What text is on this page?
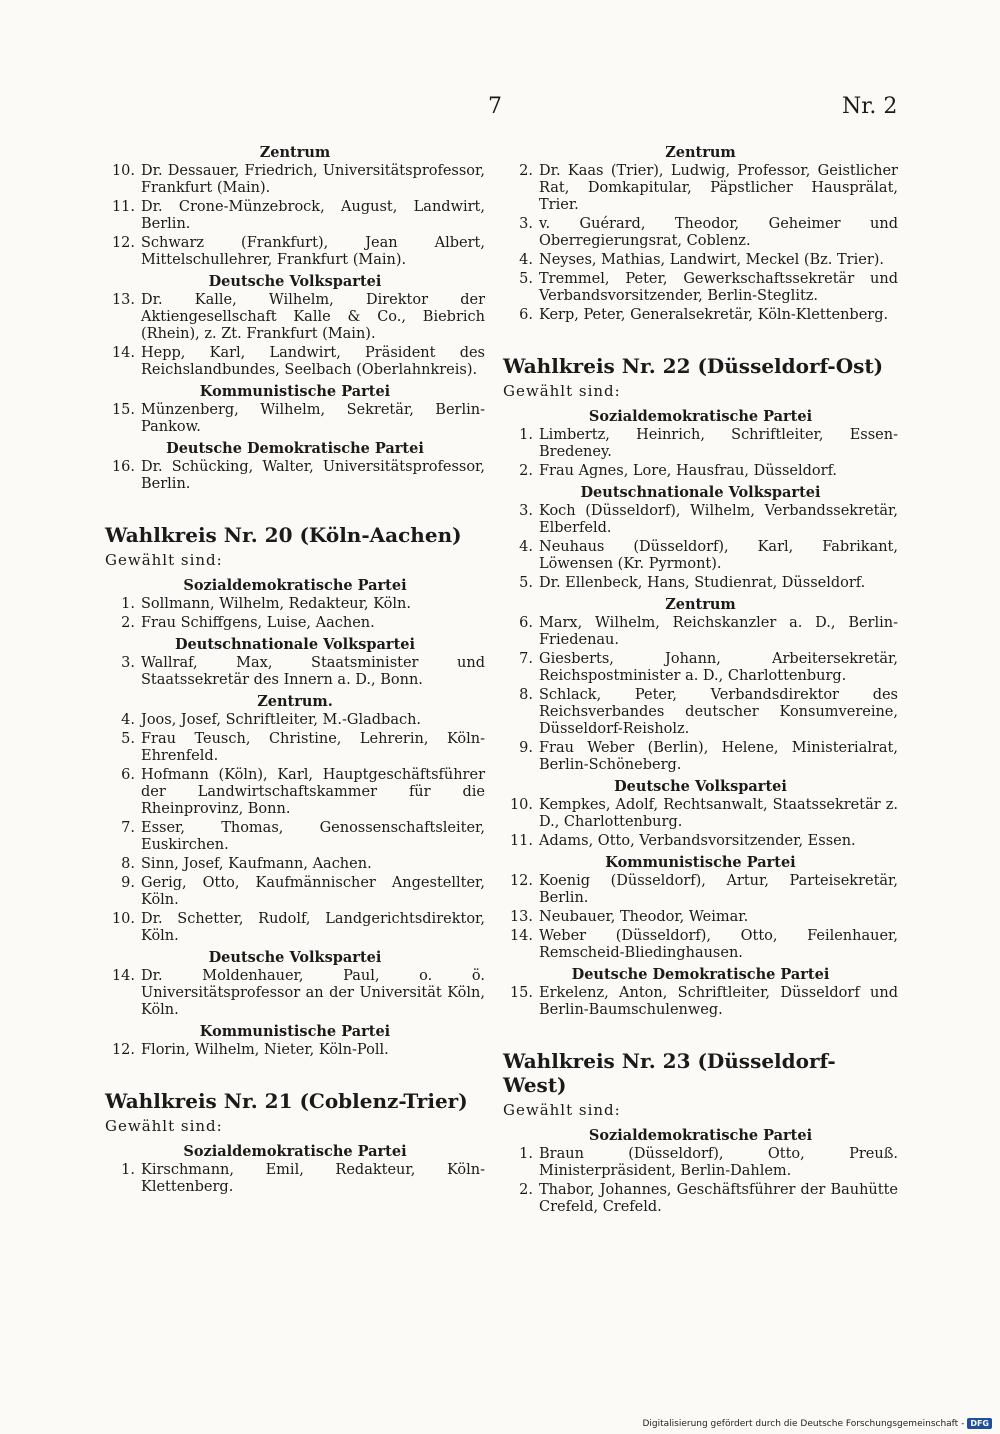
7	Nr. 2
Zentrum
10. Dr. Dessauer, Friedrich, Universitätsprofessor, Frankfurt (Main).
11. Dr. Crone-Münzebrock, August, Landwirt, Berlin.
12. Schwarz (Frankfurt), Jean Albert, Mittelschullehrer, Frankfurt (Main).
Deutsche Volkspartei
13. Dr. Kalle, Wilhelm, Direktor der Aktiengesellschaft Kalle & Co., Biebrich (Rhein), z. Zt. Frankfurt (Main).
14. Hepp, Karl, Landwirt, Präsident des Reichslandbundes, Seelbach (Oberlahnkreis).
Kommunistische Partei
15. Münzenberg, Wilhelm, Sekretär, Berlin-Pankow.
Deutsche Demokratische Partei
16. Dr. Schücking, Walter, Universitätsprofessor, Berlin.
Wahlkreis Nr. 20 (Köln-Aachen)
Gewählt sind:
Sozialdemokratische Partei
1. Sollmann, Wilhelm, Redakteur, Köln.
2. Frau Schiffgens, Luise, Aachen.
Deutschnationale Volkspartei
3. Wallraf, Max, Staatsminister und Staatssekretär des Innern a. D., Bonn.
Zentrum.
4. Joos, Josef, Schriftleiter, M.-Gladbach.
5. Frau Teusch, Christine, Lehrerin, Köln-Ehrenfeld.
6. Hofmann (Köln), Karl, Hauptgeschäftsführer der Landwirtschaftskammer für die Rheinprovinz, Bonn.
7. Esser, Thomas, Genossenschaftsleiter, Euskirchen.
8. Sinn, Josef, Kaufmann, Aachen.
9. Gerig, Otto, Kaufmännischer Angestellter, Köln.
10. Dr. Schetter, Rudolf, Landgerichtsdirektor, Köln.
Deutsche Volkspartei
14. Dr. Moldenhauer, Paul, o. ö. Universitätsprofessor an der Universität Köln, Köln.
Kommunistische Partei
12. Florin, Wilhelm, Nieter, Köln-Poll.
Wahlkreis Nr. 21 (Coblenz-Trier)
Gewählt sind:
Sozialdemokratische Partei
1. Kirschmann, Emil, Redakteur, Köln-Klettenberg.
Zentrum
2. Dr. Kaas (Trier), Ludwig, Professor, Geistlicher Rat, Domkapitular, Päpstlicher Hausprälat, Trier.
3. v. Guérard, Theodor, Geheimer und Oberregierungsrat, Coblenz.
4. Neyses, Mathias, Landwirt, Meckel (Bz. Trier).
5. Tremmel, Peter, Gewerkschaftssekretär und Verbandsvorsitzender, Berlin-Steglitz.
6. Kerp, Peter, Generalsekretär, Köln-Klettenberg.
Wahlkreis Nr. 22 (Düsseldorf-Ost)
Gewählt sind:
Sozialdemokratische Partei
1. Limbertz, Heinrich, Schriftleiter, Essen-Bredeney.
2. Frau Agnes, Lore, Hausfrau, Düsseldorf.
Deutschnationale Volkspartei
3. Koch (Düsseldorf), Wilhelm, Verbandssekretär, Elberfeld.
4. Neuhaus (Düsseldorf), Karl, Fabrikant, Löwensen (Kr. Pyrmont).
5. Dr. Ellenbeck, Hans, Studienrat, Düsseldorf.
Zentrum
6. Marx, Wilhelm, Reichskanzler a. D., Berlin-Friedenau.
7. Giesberts, Johann, Arbeitersekretär, Reichspostminister a. D., Charlottenburg.
8. Schlack, Peter, Verbandsdirektor des Reichsverbandes deutscher Konsumvereine, Düsseldorf-Reisholz.
9. Frau Weber (Berlin), Helene, Ministerialrat, Berlin-Schöneberg.
Deutsche Volkspartei
10. Kempkes, Adolf, Rechtsanwalt, Staatssekretär z. D., Charlottenburg.
11. Adams, Otto, Verbandsvorsitzender, Essen.
Kommunistische Partei
12. Koenig (Düsseldorf), Artur, Parteisekretär, Berlin.
13. Neubauer, Theodor, Weimar.
14. Weber (Düsseldorf), Otto, Feilenhauer, Remscheid-Bliedinghausen.
Deutsche Demokratische Partei
15. Erkelenz, Anton, Schriftleiter, Düsseldorf und Berlin-Baumschulenweg.
Wahlkreis Nr. 23 (Düsseldorf-West)
Gewählt sind:
Sozialdemokratische Partei
1. Braun (Düsseldorf), Otto, Preuß. Ministerpräsident, Berlin-Dahlem.
2. Thabor, Johannes, Geschäftsführer der Bauhütte Crefeld, Crefeld.
Digitalisierung gefördert durch die Deutsche Forschungsgemeinschaft - DFG
